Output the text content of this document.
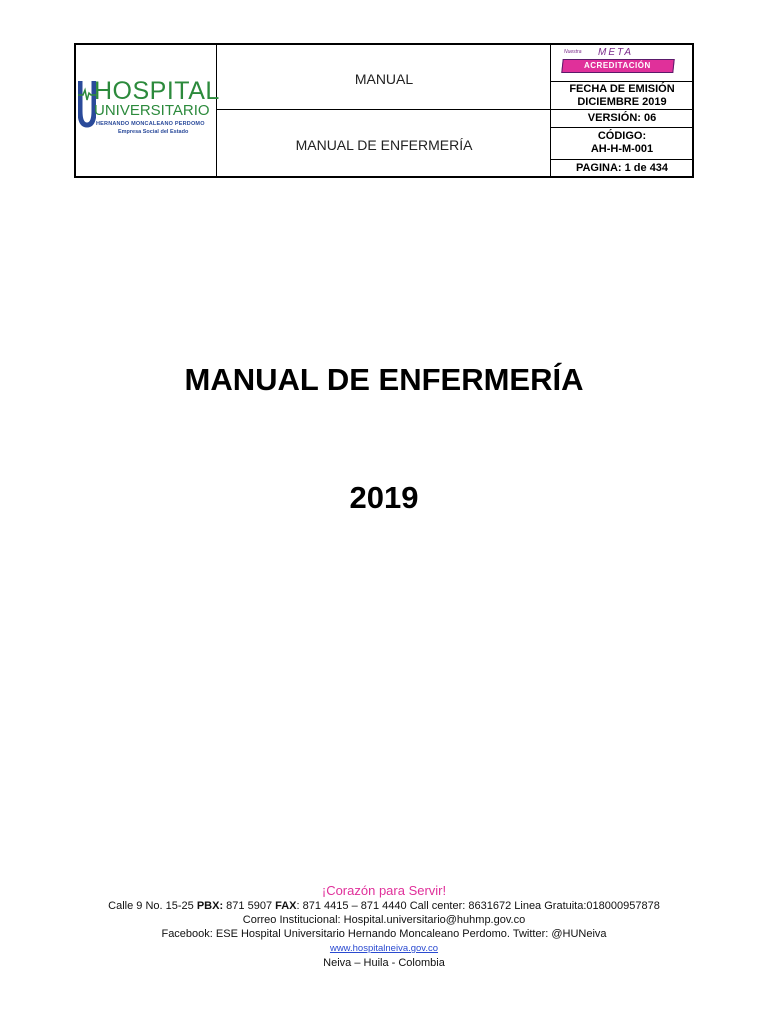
HOSPITAL
UNIVERSITARIO
HERNANDO MONCALEANO PERDOMO
Empresa Social del Estado
MANUAL
MANUAL DE ENFERMERÍA
Nuestra META
ACREDITACIÓN
FECHA DE EMISIÓN
DICIEMBRE 2019
VERSIÓN: 06
CÓDIGO:
AH-H-M-001
PAGINA: 1 de 434
MANUAL DE ENFERMERÍA
2019
¡Corazón para Servir!
Calle 9 No. 15-25 PBX: 871 5907 FAX: 871 4415 – 871 4440 Call center: 8631672 Linea Gratuita:018000957878
Correo Institucional: Hospital.universitario@huhmp.gov.co
Facebook: ESE Hospital Universitario Hernando Moncaleano Perdomo. Twitter: @HUNeiva
www.hospitalneiva.gov.co
Neiva – Huila - Colombia
